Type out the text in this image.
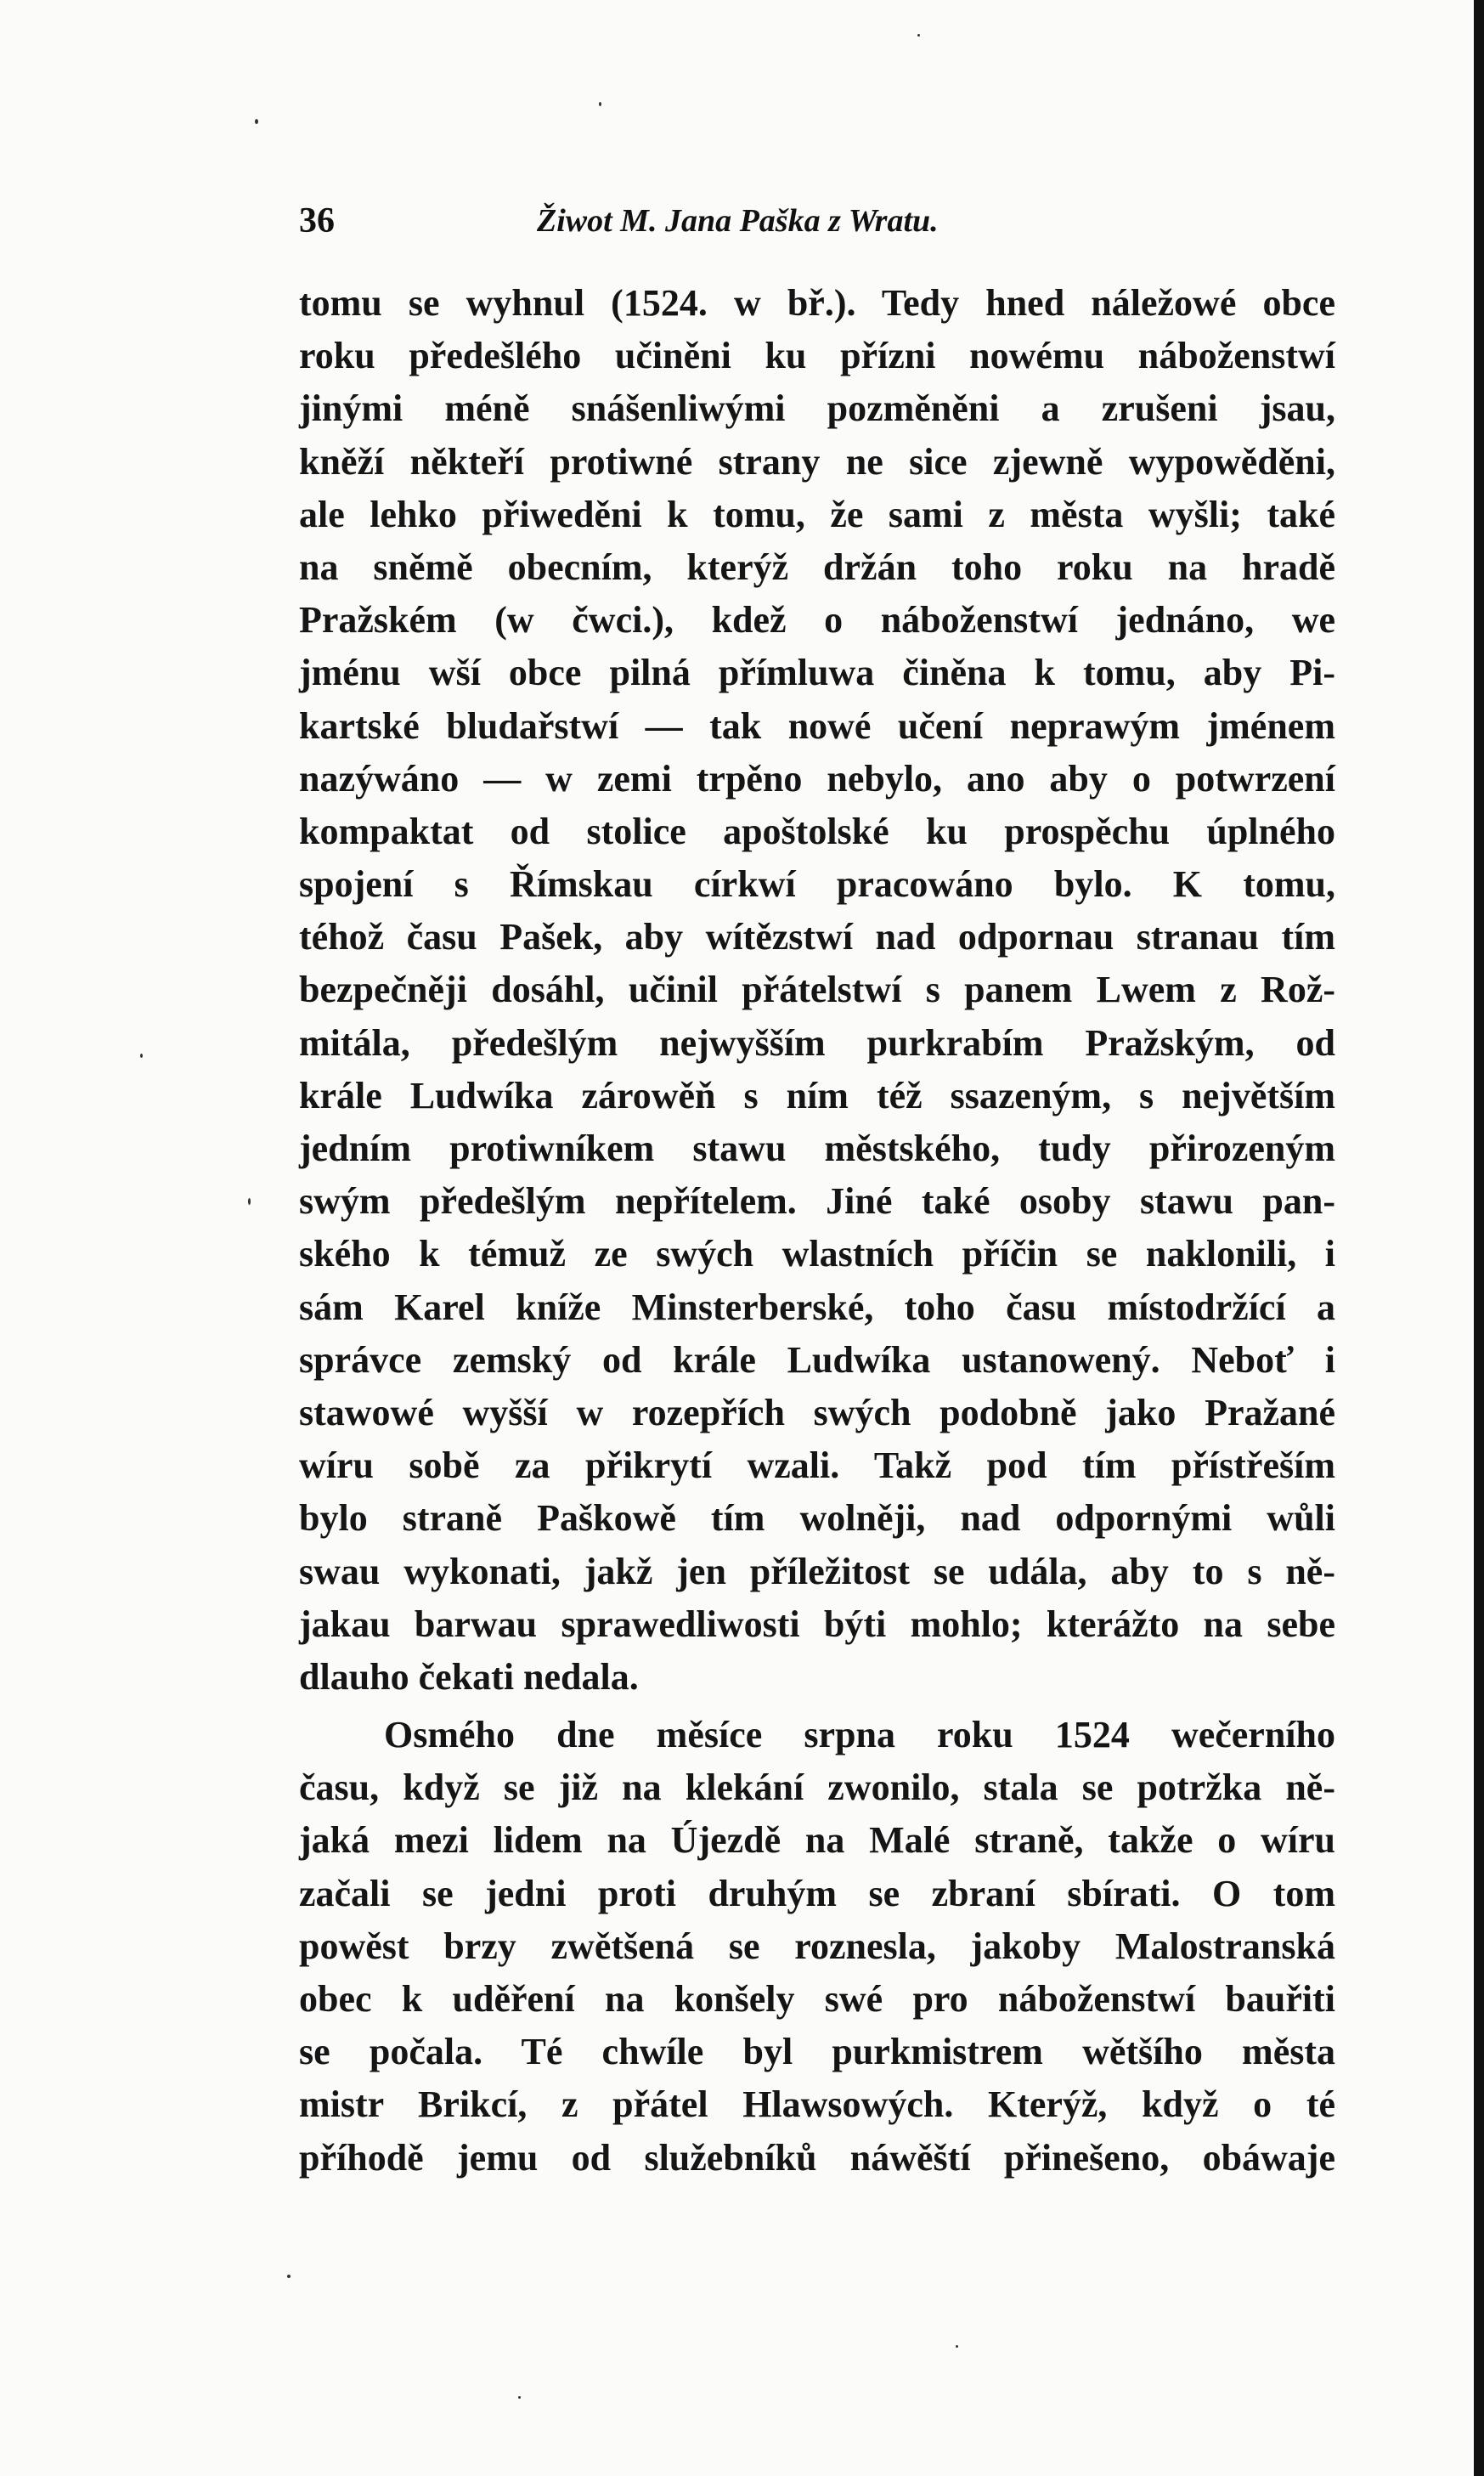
36	Žiwot M. Jana Paška z Wratu.
tomu se wyhnul (1524. w bř.). Tedy hned náležowé obce
roku předešlého učiněni ku přízni nowému náboženstwí
jinými méně snášenliwými pozměněni a zrušeni jsau,
kněží někteří protiwné strany ne sice zjewně wypowěděni,
ale lehko přiweděni k tomu, že sami z města wyšli; také
na sněmě obecním, kterýž držán toho roku na hradě
Pražském (w čwci.), kdež o náboženstwí jednáno, we
jménu wší obce pilná přímluwa činěna k tomu, aby Pi-
kartské bludařstwí — tak nowé učení neprawým jménem
nazýwáno — w zemi trpěno nebylo, ano aby o potwrzení
kompaktat od stolice apoštolské ku prospěchu úplného
spojení s Římskau církwí pracowáno bylo. K tomu,
téhož času Pašek, aby wítězstwí nad odpornau stranau tím
bezpečněji dosáhl, učinil přátelstwí s panem Lwem z Rož-
mitála, předešlým nejwyšším purkrabím Pražským, od
krále Ludwíka zárowěň s ním též ssazeným, s největším
jedním protiwníkem stawu městského, tudy přirozeným
swým předešlým nepřítelem. Jiné také osoby stawu pan-
ského k témuž ze swých wlastních příčin se naklonili, i
sám Karel kníže Minsterberské, toho času místodržící a
správce zemský od krále Ludwíka ustanowený. Neboť i
stawowé wyšší w rozepřích swých podobně jako Pražané
wíru sobě za přikrytí wzali. Takž pod tím přístřeším
bylo straně Paškowě tím wolněji, nad odpornými wůli
swau wykonati, jakž jen příležitost se udála, aby to s ně-
jakau barwau sprawedliwosti býti mohlo; kterážto na sebe
dlauho čekati nedala.
Osmého dne měsíce srpna roku 1524 wečerního
času, když se již na klekání zwonilo, stala se potržka ně-
jaká mezi lidem na Újezdě na Malé straně, takže o wíru
začali se jedni proti druhým se zbraní sbírati. O tom
powěst brzy zwětšená se roznesla, jakoby Malostranská
obec k uděření na konšely swé pro náboženstwí bauřiti
se počala. Té chwíle byl purkmistrem wětšího města
mistr Brikcí, z přátel Hlawsowých. Kterýž, když o té
příhodě jemu od služebníků náwěští přinešeno, obáwaje
